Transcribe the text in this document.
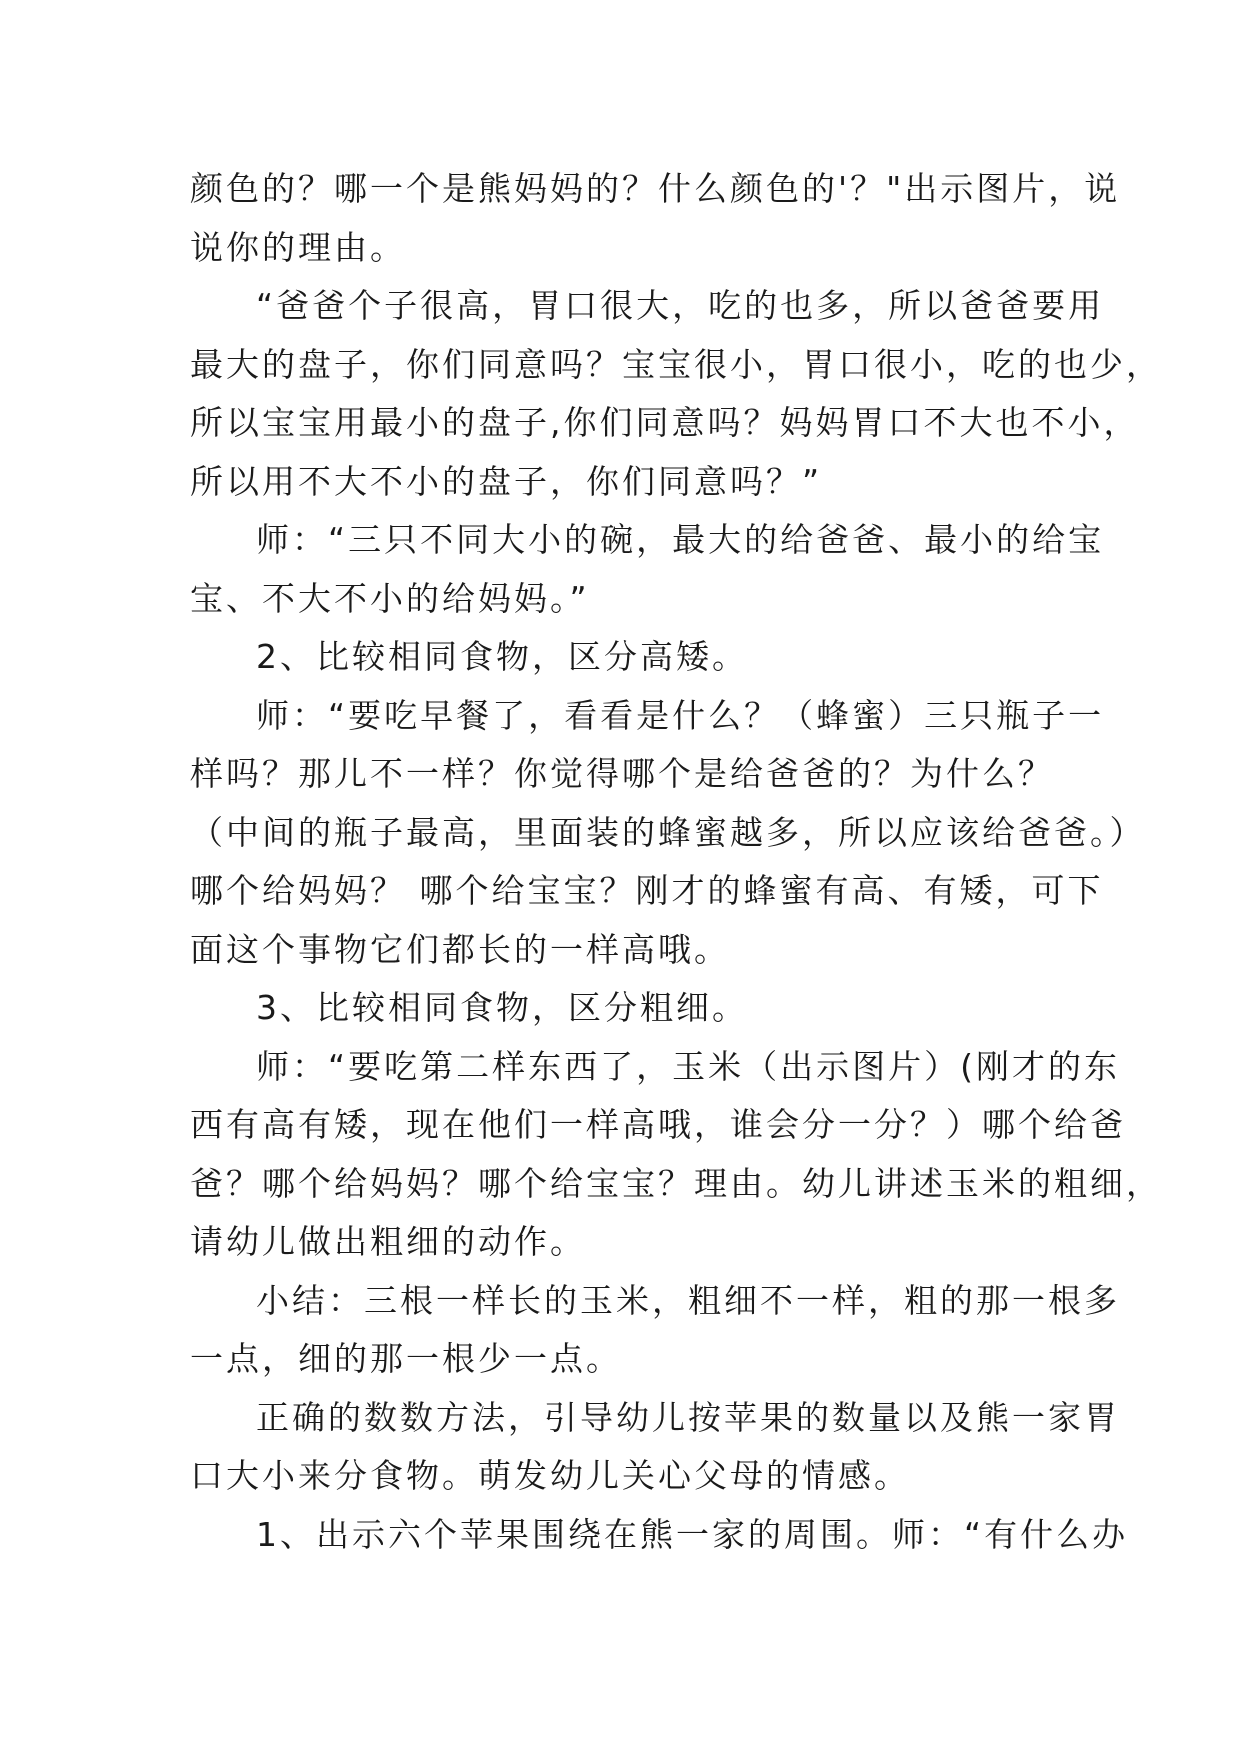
颜色的？哪一个是熊妈妈的？什么颜色的'？"出示图片，说
说你的理由。
“爸爸个子很高，胃口很大，吃的也多，所以爸爸要用
最大的盘子，你们同意吗？宝宝很小，胃口很小，吃的也少，
所以宝宝用最小的盘子,你们同意吗？妈妈胃口不大也不小，
所以用不大不小的盘子，你们同意吗？”
师：“三只不同大小的碗，最大的给爸爸、最小的给宝
宝、不大不小的给妈妈。”
2、比较相同食物，区分高矮。
师：“要吃早餐了，看看是什么？（蜂蜜）三只瓶子一
样吗？那儿不一样？你觉得哪个是给爸爸的？为什么？
（中间的瓶子最高，里面装的蜂蜜越多，所以应该给爸爸。）
哪个给妈妈？ 哪个给宝宝？刚才的蜂蜜有高、有矮，可下
面这个事物它们都长的一样高哦。
3、比较相同食物，区分粗细。
师：“要吃第二样东西了，玉米（出示图片）(刚才的东
西有高有矮，现在他们一样高哦，谁会分一分？）哪个给爸
爸？哪个给妈妈？哪个给宝宝？理由。幼儿讲述玉米的粗细，
请幼儿做出粗细的动作。
小结：三根一样长的玉米，粗细不一样，粗的那一根多
一点，细的那一根少一点。
正确的数数方法，引导幼儿按苹果的数量以及熊一家胃
口大小来分食物。萌发幼儿关心父母的情感。
1、出示六个苹果围绕在熊一家的周围。师：“有什么办
